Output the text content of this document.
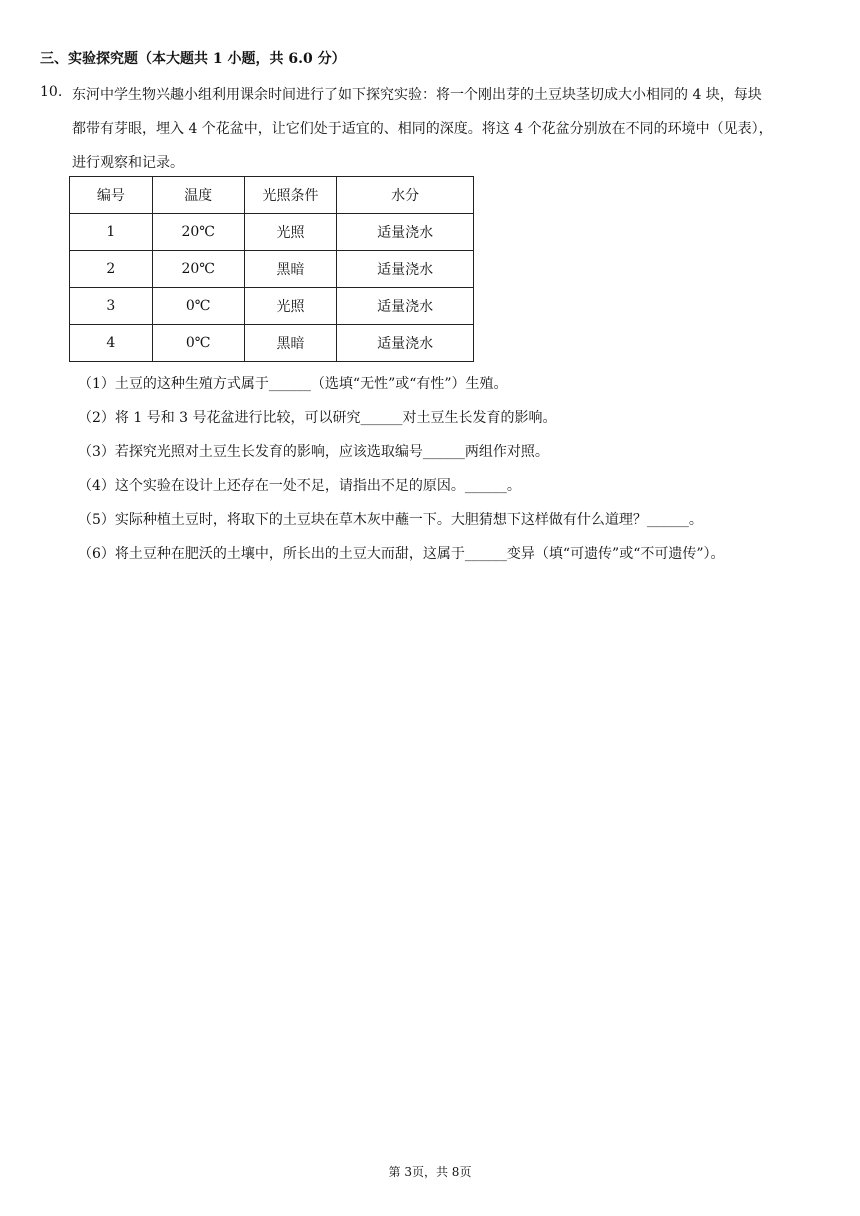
三、实验探究题（本大题共 1 小题，共 6.0 分）
10. 东河中学生物兴趣小组利用课余时间进行了如下探究实验：将一个刚出芽的土豆块茎切成大小相同的 4 块，每块
都带有芽眼，埋入 4 个花盆中，让它们处于适宜的、相同的深度。将这 4 个花盆分别放在不同的环境中（见表），
进行观察和记录。
编号	温度	光照条件	水分
1	20℃	光照	适量浇水
2	20℃	黑暗	适量浇水
3	0℃	光照	适量浇水
4	0℃	黑暗	适量浇水
（1）土豆的这种生殖方式属于______（选填“无性”或“有性”）生殖。
（2）将 1 号和 3 号花盆进行比较，可以研究______对土豆生长发育的影响。
（3）若探究光照对土豆生长发育的影响，应该选取编号______两组作对照。
（4）这个实验在设计上还存在一处不足，请指出不足的原因。______。
（5）实际种植土豆时，将取下的土豆块在草木灰中蘸一下。大胆猜想下这样做有什么道理？______。
（6）将土豆种在肥沃的土壤中，所长出的土豆大而甜，这属于______变异（填“可遗传”或“不可遗传”）。
第 3页，共 8页
